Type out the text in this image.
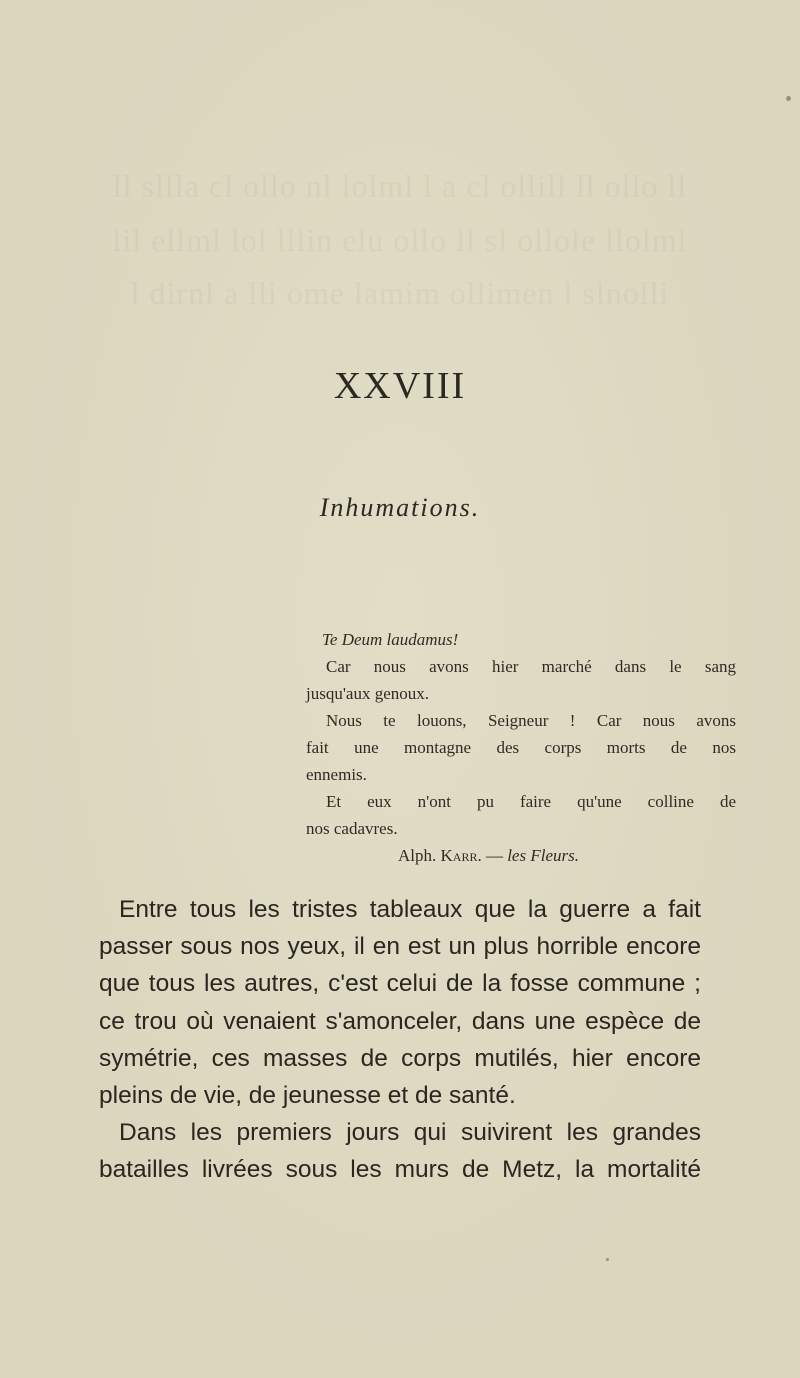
ll sllla cl ollo nl lolml l a cl ollill ll ollo ll
lil ellml lol lllin elu ollo ll sl ollole llolml
l dirnl a lli ome lamim ollimen l slnolli
XXVIII
Inhumations.
Te Deum laudamus!
Car nous avons hier marché dans le sang
jusqu'aux genoux.
Nous te louons, Seigneur ! Car nous avons
fait une montagne des corps morts de nos
ennemis.
Et eux n'ont pu faire qu'une colline de
nos cadavres.
Alph. Karr. — les Fleurs.
Entre tous les tristes tableaux que la guerre a fait
passer sous nos yeux, il en est un plus horrible encore
que tous les autres, c'est celui de la fosse commune ;
ce trou où venaient s'amonceler, dans une espèce de
symétrie, ces masses de corps mutilés, hier encore
pleins de vie, de jeunesse et de santé.
Dans les premiers jours qui suivirent les grandes
batailles livrées sous les murs de Metz, la mortalité
